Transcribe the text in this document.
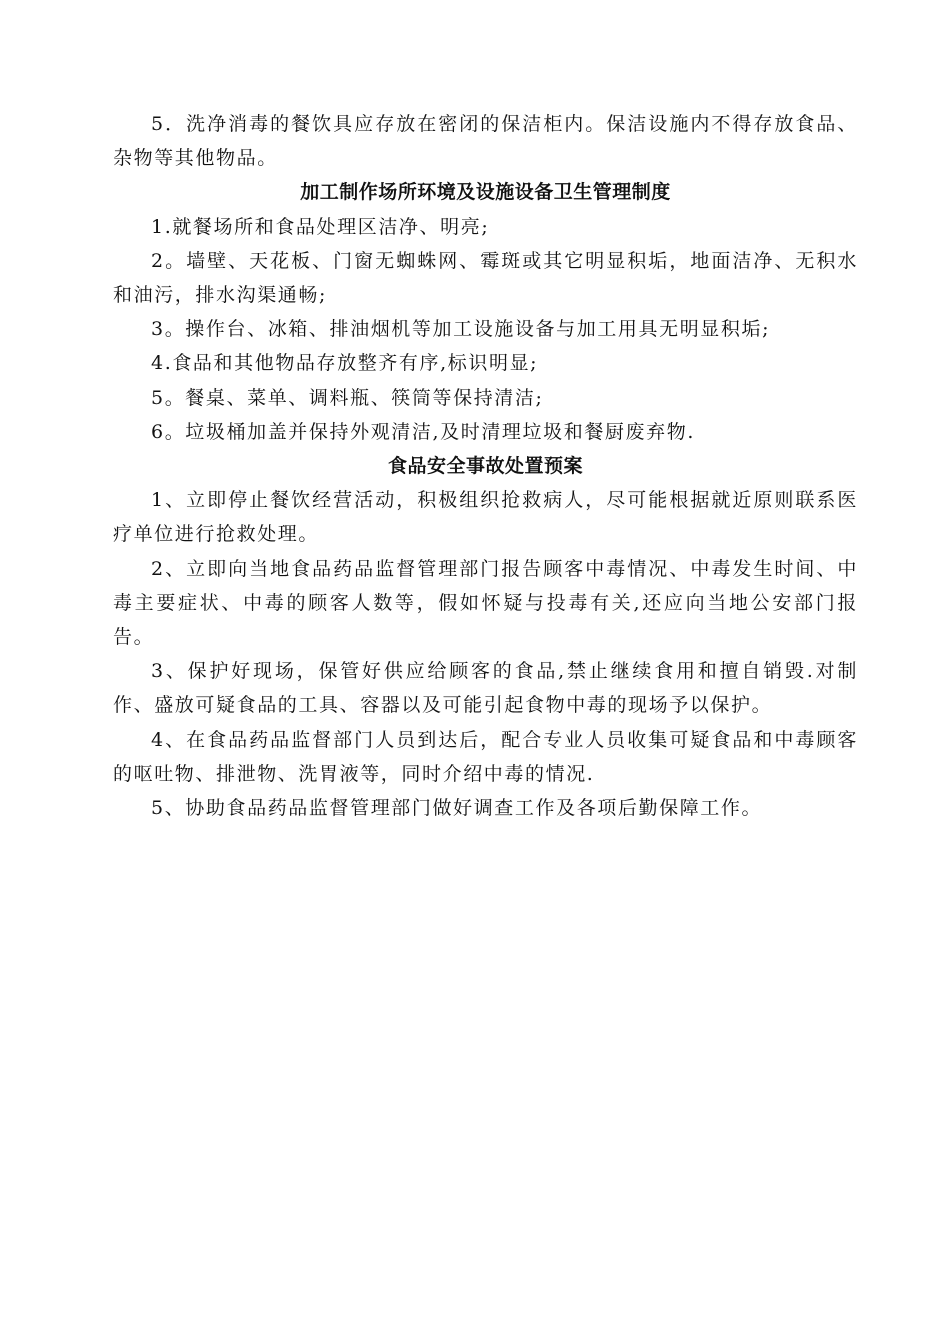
5．洗净消毒的餐饮具应存放在密闭的保洁柜内。保洁设施内不得存放食品、杂物等其他物品。

加工制作场所环境及设施设备卫生管理制度

1.就餐场所和食品处理区洁净、明亮;

2。墙壁、天花板、门窗无蜘蛛网、霉斑或其它明显积垢，地面洁净、无积水和油污，排水沟渠通畅;

3。操作台、冰箱、排油烟机等加工设施设备与加工用具无明显积垢;

4.食品和其他物品存放整齐有序,标识明显;

5。餐桌、菜单、调料瓶、筷筒等保持清洁;

6。垃圾桶加盖并保持外观清洁,及时清理垃圾和餐厨废弃物.

食品安全事故处置预案

1、立即停止餐饮经营活动，积极组织抢救病人，尽可能根据就近原则联系医疗单位进行抢救处理。

2、立即向当地食品药品监督管理部门报告顾客中毒情况、中毒发生时间、中毒主要症状、中毒的顾客人数等，假如怀疑与投毒有关,还应向当地公安部门报告。

3、保护好现场，保管好供应给顾客的食品,禁止继续食用和擅自销毁.对制作、盛放可疑食品的工具、容器以及可能引起食物中毒的现场予以保护。

4、在食品药品监督部门人员到达后，配合专业人员收集可疑食品和中毒顾客的呕吐物、排泄物、洗胃液等，同时介绍中毒的情况.

5、协助食品药品监督管理部门做好调查工作及各项后勤保障工作。
